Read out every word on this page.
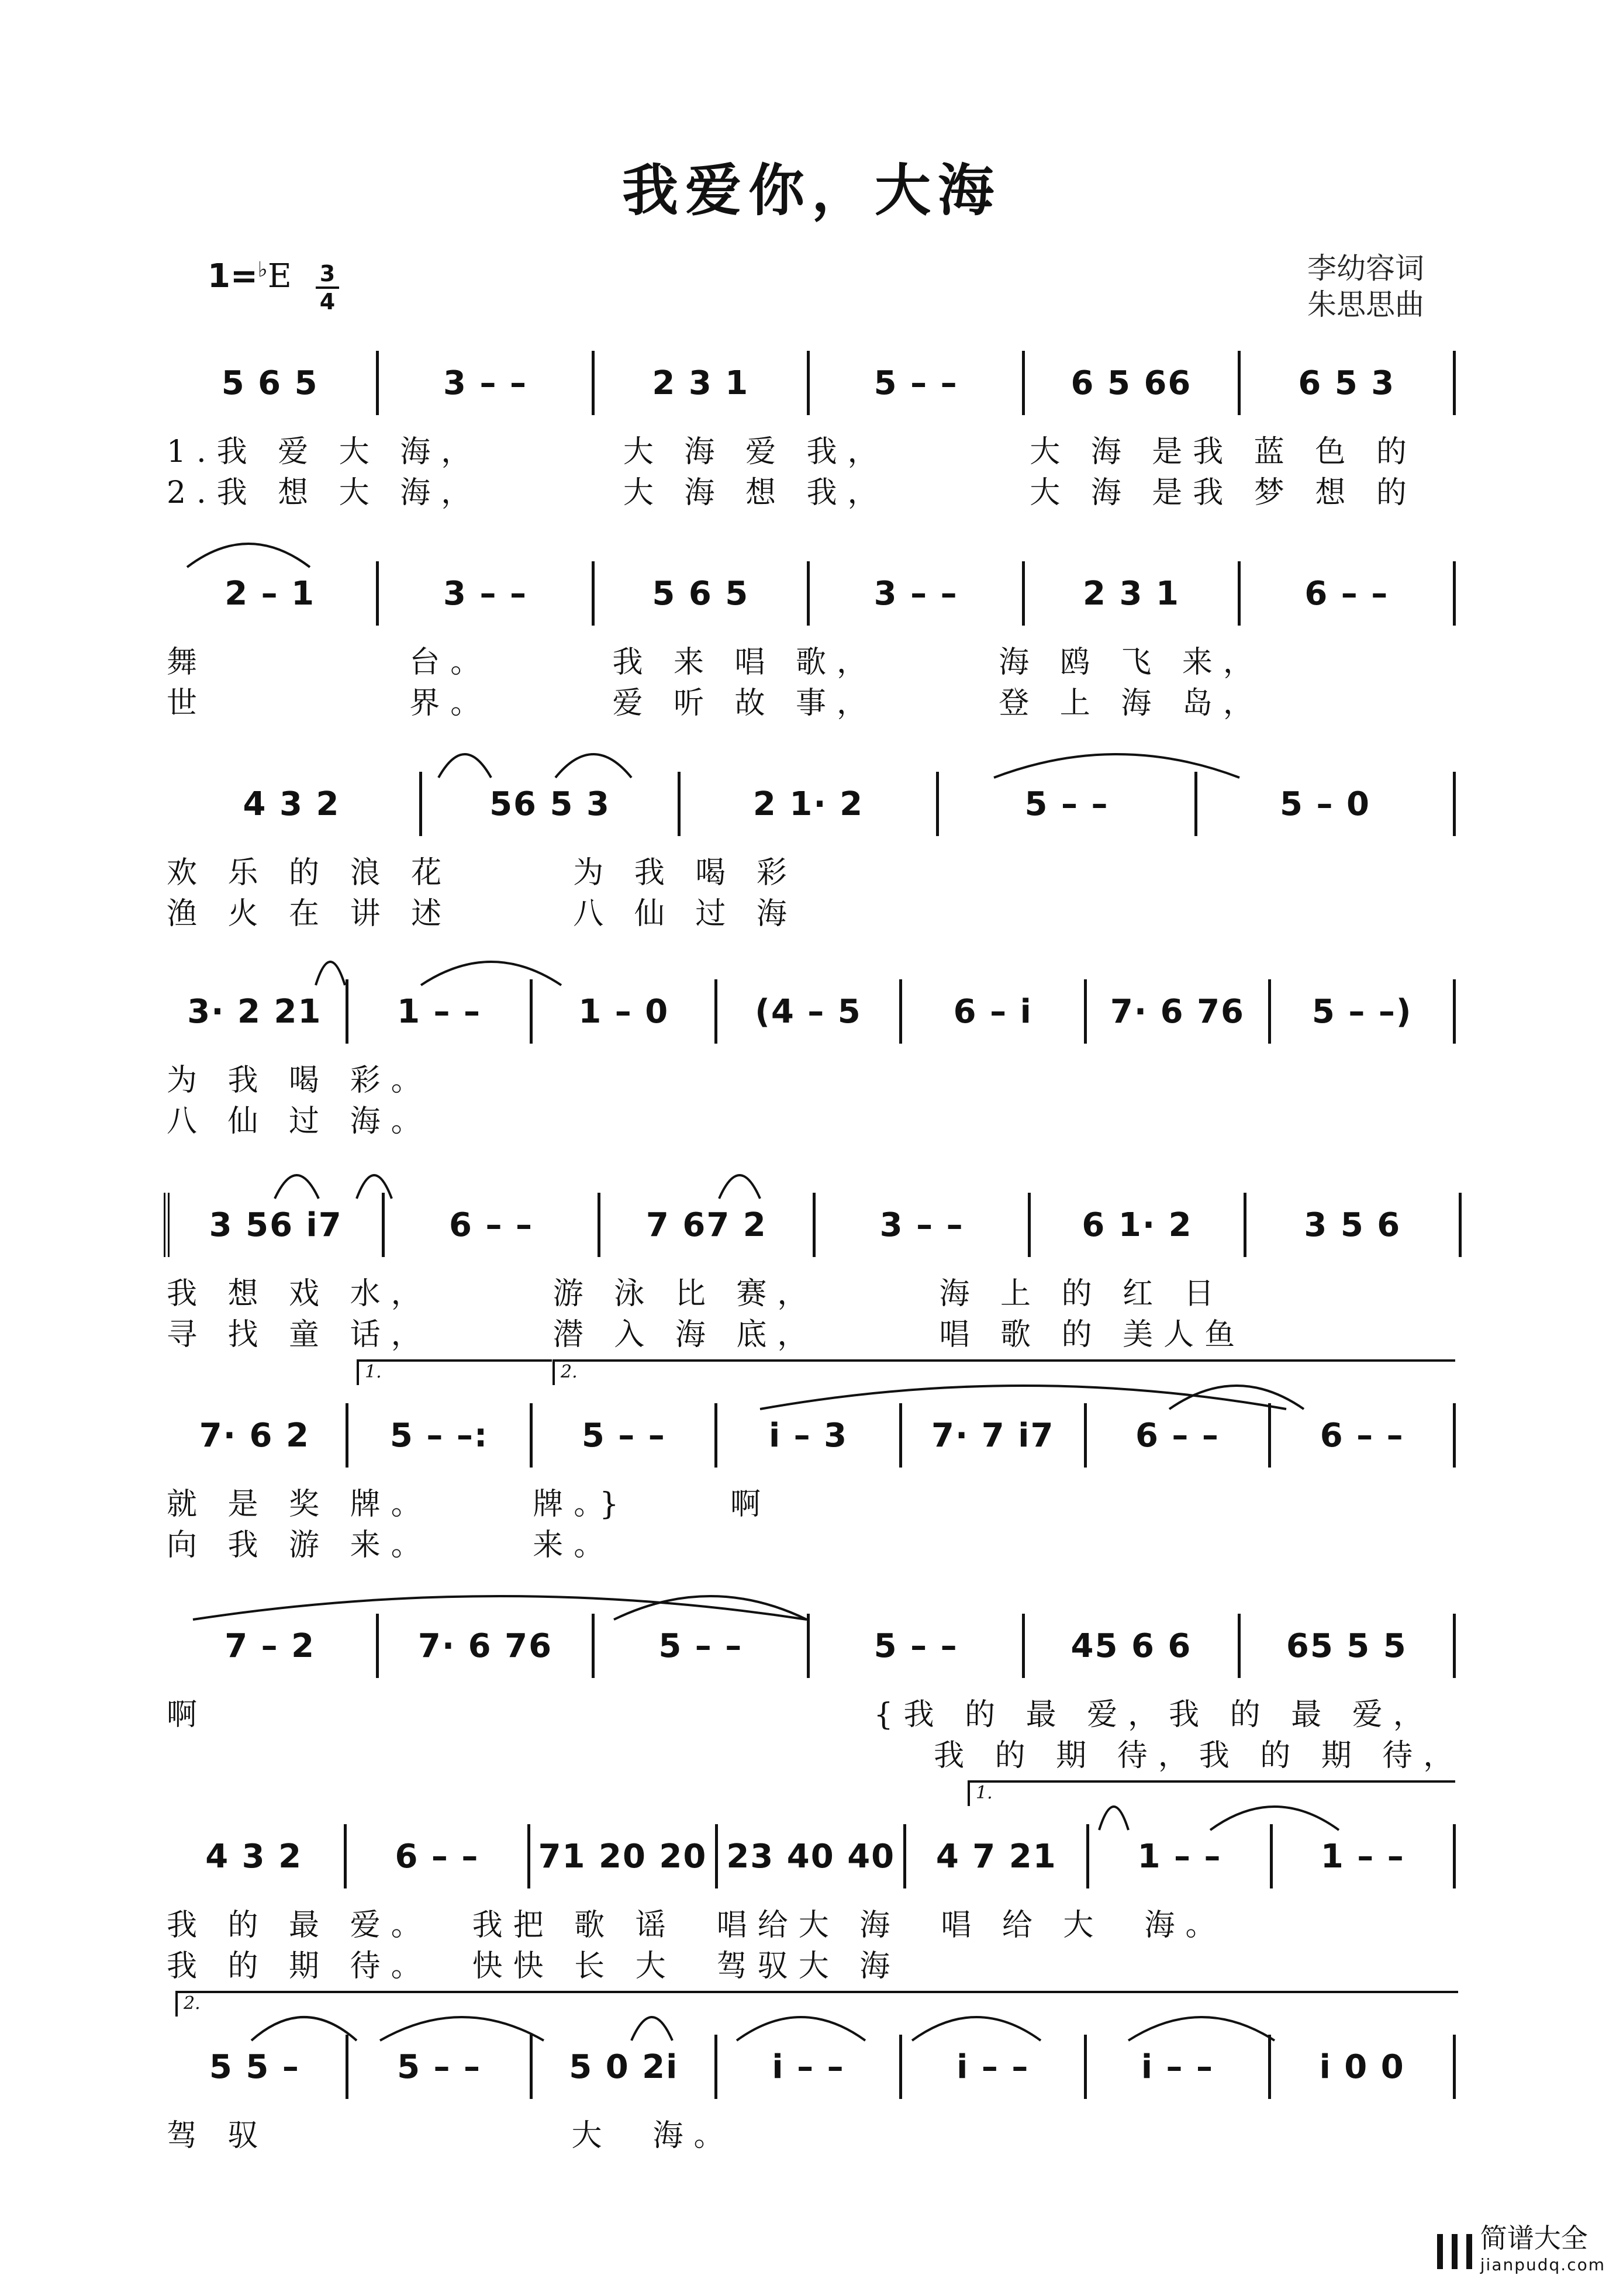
我爱你，大海
1=♭E 3
4
李幼容词
朱思思曲
5 6 5	3 – –	2 3 1	5 – –	6 5 66	6 5 3
1.我 爱 大 海，       大 海 爱 我，       大 海 是我 蓝 色 的
2.我 想 大 海，       大 海 想 我，       大 海 是我 梦 想 的
2 – 1	3 – –	5 6 5	3 – –	2 3 1	6 – –
舞          台。      我 来 唱 歌，      海 鸥 飞 来，
世          界。      爱 听 故 事，      登 上 海 岛，
4 3 2	56 5 3	2 1· 2	5 – –	5 – 0
欢 乐 的 浪 花      为 我 喝 彩
渔 火 在 讲 述      八 仙 过 海
3· 2 21 1 – –	1 – 0	(4 – 5	6 – i 7· 6 76 5 – –)
为 我 喝 彩。
八 仙 过 海。
3 56 i7	6 – –	7 67 2	3 – –	6 1· 2	3 5 6
我 想 戏 水，      游 泳 比 赛，      海 上 的 红 日
寻 找 童 话，      潜 入 海 底，      唱 歌 的 美人鱼
7· 6 2 5 – –:	5 – –	i – 3	7· 7 i7 6 – –	6 – –
1.	2.
就 是 奖 牌。     牌。}     啊
向 我 游 来。     来。
7 – 2	7· 6 76	5 – –	5 – –	45 6 6	65 5 5
啊                                 {我 的 最 爱，我 的 最 爱，
我 的 期 待，我 的 期 待，
4 3 2	6 – – 71 20 20 23 40 40 4 7 21 1 – –	1 – –
1.
我 的 最 爱。  我把 歌 谣  唱给大 海  唱 给 大  海。
我 的 期 待。  快快 长 大  驾驭大 海
5 5 –	5 – –	5 0 2i	i – –	i – –	i – –	i 0 0
2.
驾 驭               大  海。
简谱大全
jianpudq.com
